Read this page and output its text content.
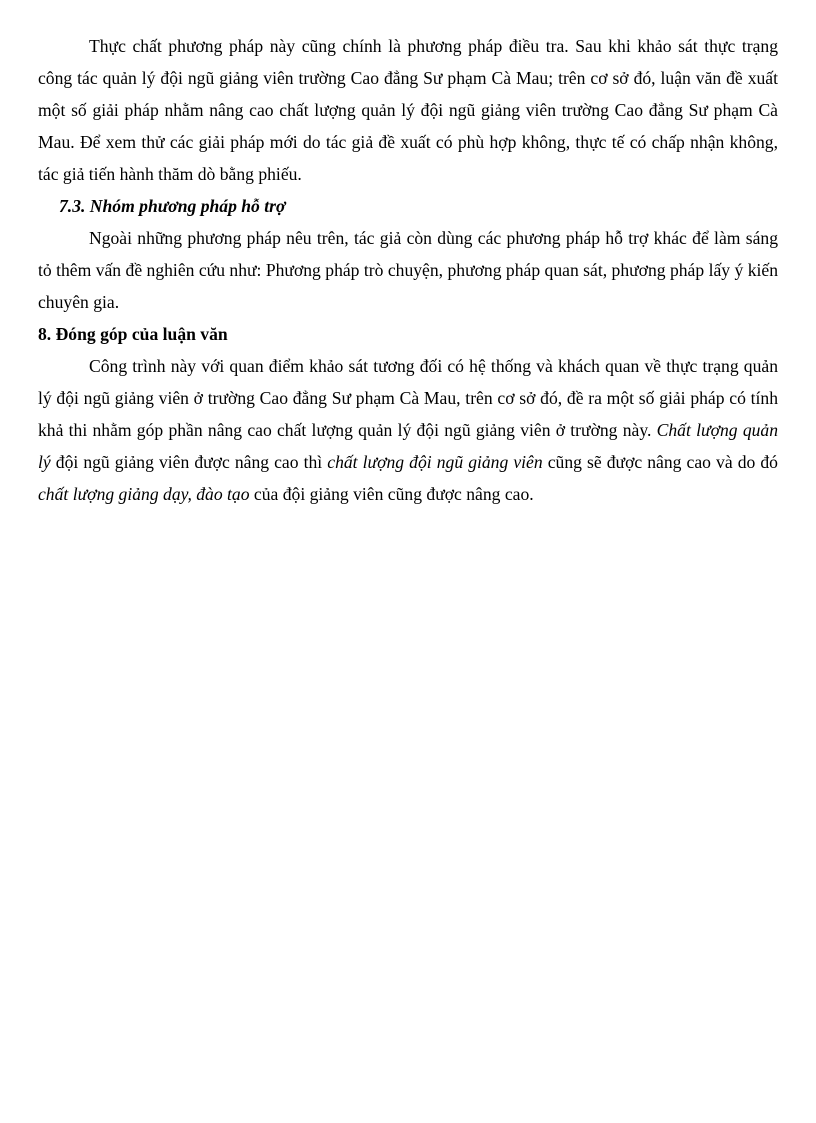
Thực chất phương pháp này cũng chính là phương pháp điều tra. Sau khi khảo sát thực trạng công tác quản lý đội ngũ giảng viên trường Cao đẳng Sư phạm Cà Mau; trên cơ sở đó, luận văn đề xuất một số giải pháp nhằm nâng cao chất lượng quản lý đội ngũ giảng viên trường Cao đẳng Sư phạm Cà Mau. Để xem thử các giải pháp mới do tác giả đề xuất có phù hợp không, thực tế có chấp nhận không, tác giả tiến hành thăm dò bằng phiếu.

7.3. Nhóm phương pháp hỗ trợ

Ngoài những phương pháp nêu trên, tác giả còn dùng các phương pháp hỗ trợ khác để làm sáng tỏ thêm vấn đề nghiên cứu như: Phương pháp trò chuyện, phương pháp quan sát, phương pháp lấy ý kiến chuyên gia.

8. Đóng góp của luận văn

Công trình này với quan điểm khảo sát tương đối có hệ thống và khách quan về thực trạng quản lý đội ngũ giảng viên ở trường Cao đẳng Sư phạm Cà Mau, trên cơ sở đó, đề ra một số giải pháp có tính khả thi nhằm góp phần nâng cao chất lượng quản lý đội ngũ giảng viên ở trường này. Chất lượng quản lý đội ngũ giảng viên được nâng cao thì chất lượng đội ngũ giảng viên cũng sẽ được nâng cao và do đó chất lượng giảng dạy, đào tạo của đội giảng viên cũng được nâng cao.
